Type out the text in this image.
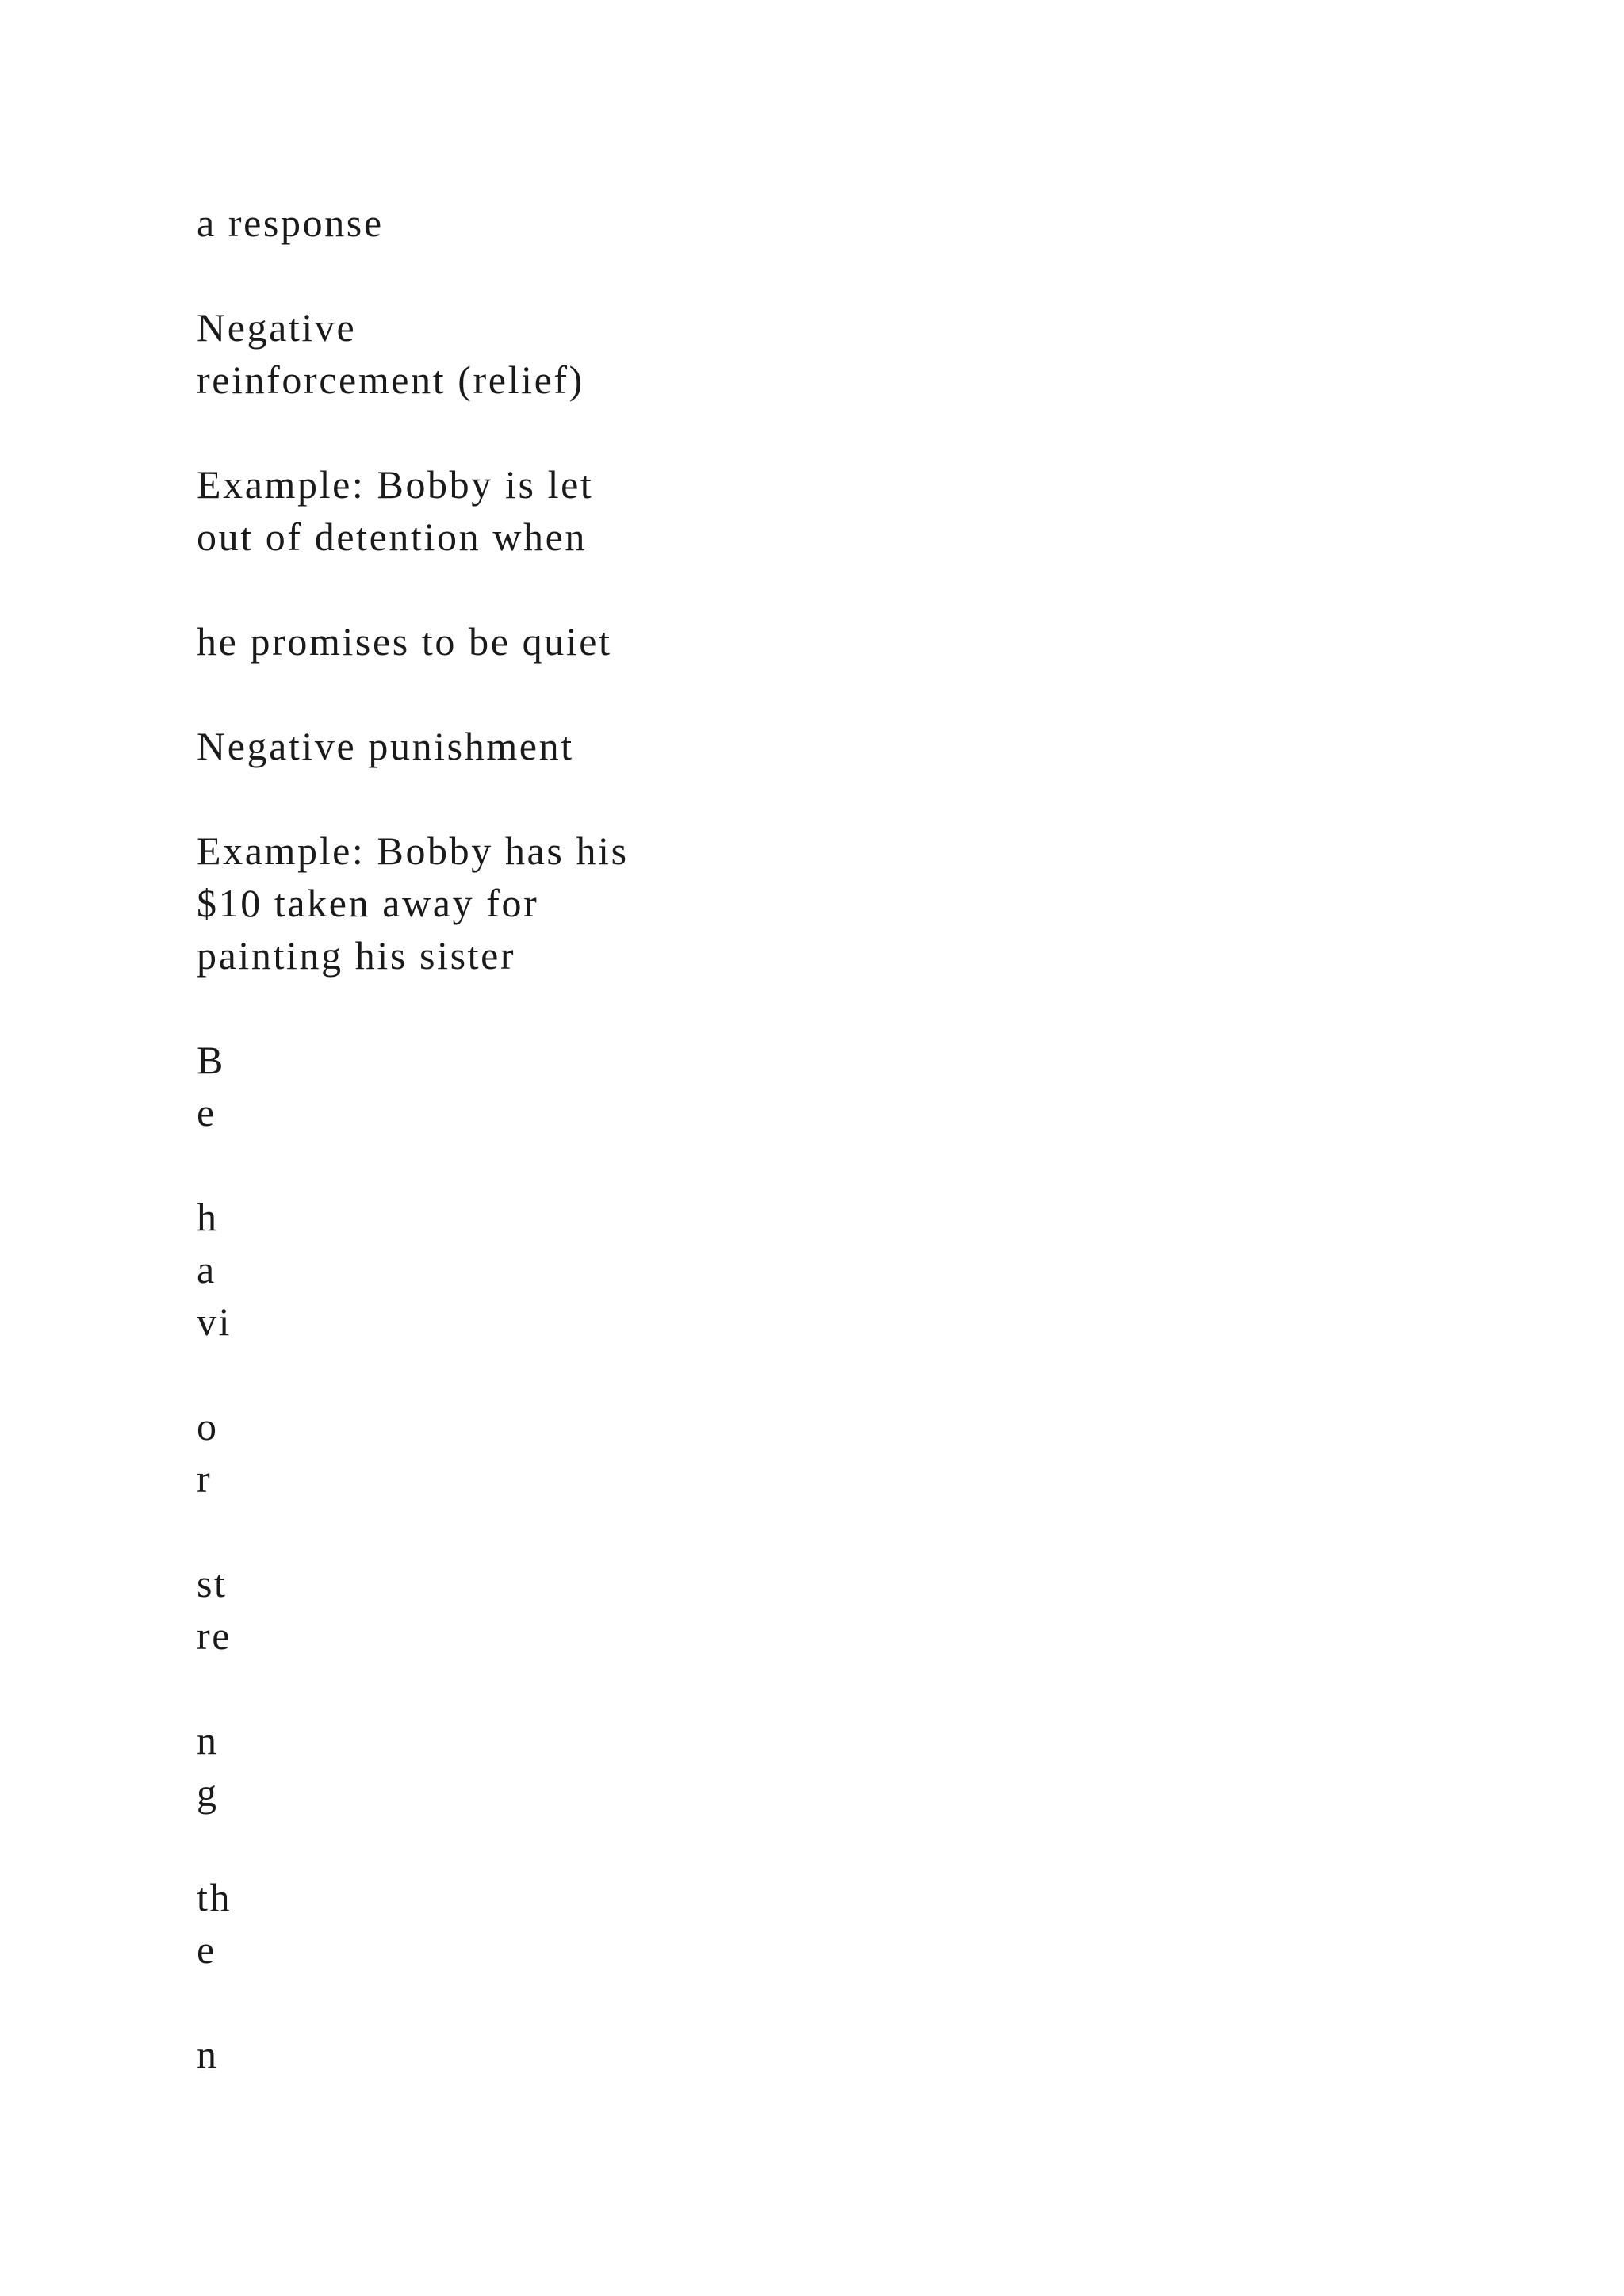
a response

Negative

reinforcement (relief)

Example: Bobby is let

out of detention when

he promises to be quiet

Negative punishment

Example: Bobby has his

$10 taken away for

painting his sister

B

e

h

a

vi

o

r

st

re

n

g

th

e

n
